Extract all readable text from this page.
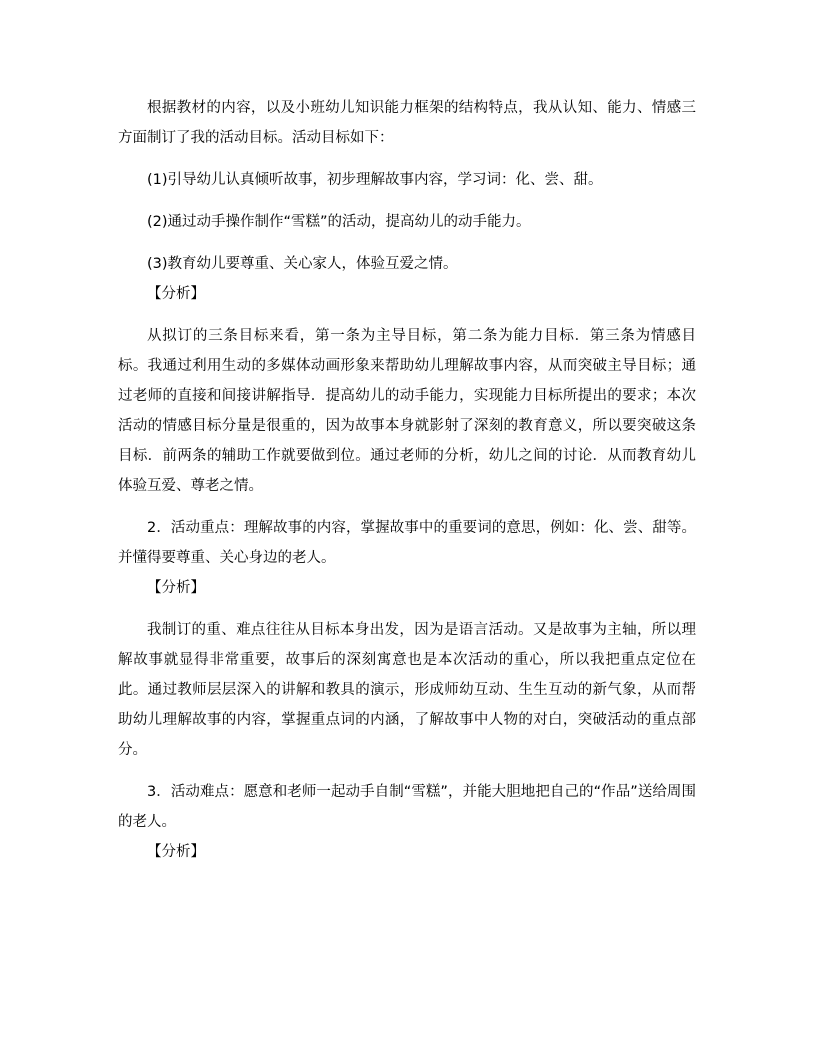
根据教材的内容，以及小班幼儿知识能力框架的结构特点，我从认知、能力、情感三方面制订了我的活动目标。活动目标如下：

(1)引导幼儿认真倾听故事，初步理解故事内容，学习词：化、尝、甜。

(2)通过动手操作制作“雪糕”的活动，提高幼儿的动手能力。

(3)教育幼儿要尊重、关心家人，体验互爱之情。

【分析】

从拟订的三条目标来看，第一条为主导目标，第二条为能力目标．第三条为情感目标。我通过利用生动的多媒体动画形象来帮助幼儿理解故事内容，从而突破主导目标；通过老师的直接和间接讲解指导．提高幼儿的动手能力，实现能力目标所提出的要求；本次活动的情感目标分量是很重的，因为故事本身就影射了深刻的教育意义，所以要突破这条目标．前两条的辅助工作就要做到位。通过老师的分析，幼儿之间的讨论．从而教育幼儿体验互爱、尊老之情。

2．活动重点：理解故事的内容，掌握故事中的重要词的意思，例如：化、尝、甜等。并懂得要尊重、关心身边的老人。

【分析】

我制订的重、难点往往从目标本身出发，因为是语言活动。又是故事为主轴，所以理解故事就显得非常重要，故事后的深刻寓意也是本次活动的重心，所以我把重点定位在此。通过教师层层深入的讲解和教具的演示，形成师幼互动、生生互动的新气象，从而帮助幼儿理解故事的内容，掌握重点词的内涵，了解故事中人物的对白，突破活动的重点部分。

3．活动难点：愿意和老师一起动手自制“雪糕”，并能大胆地把自己的“作品”送给周围的老人。

【分析】
